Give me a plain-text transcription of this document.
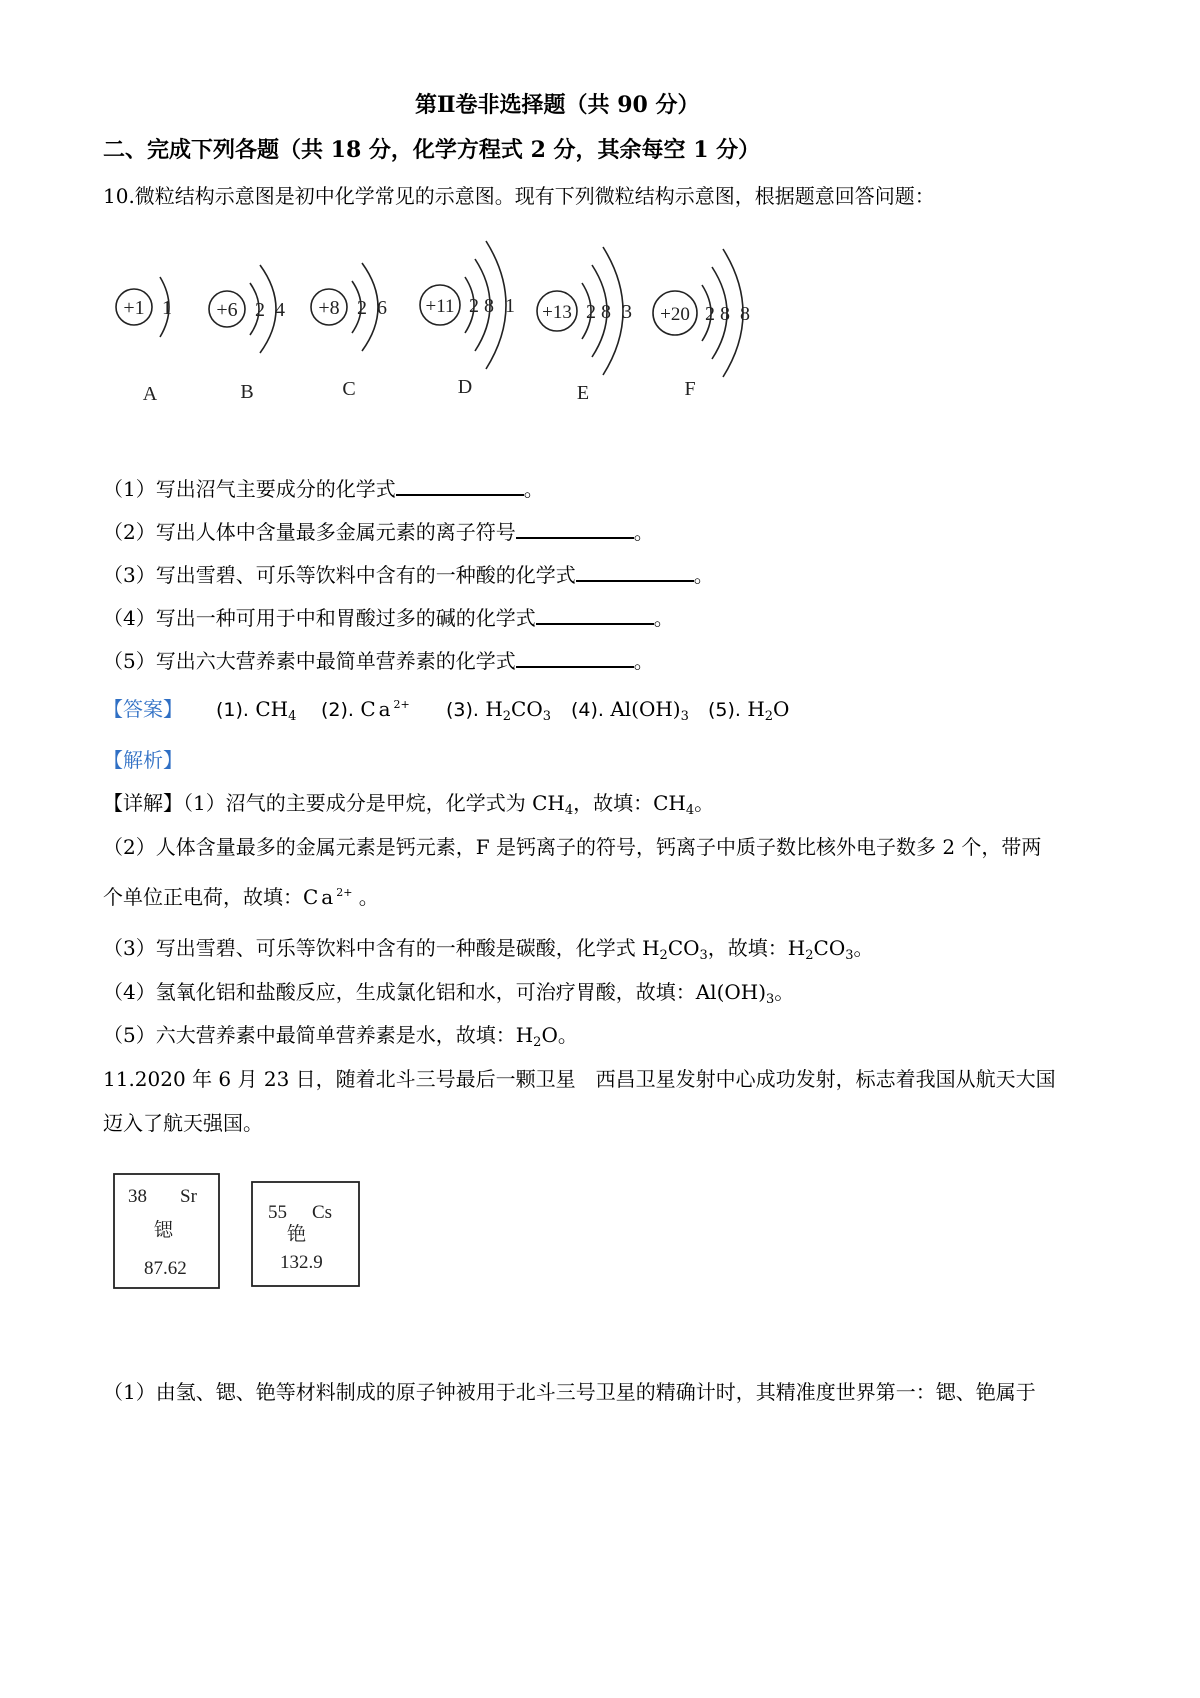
第Ⅱ卷非选择题（共 90 分）
二、完成下列各题（共 18 分，化学方程式 2 分，其余每空 1 分）
10.微粒结构示意图是初中化学常见的示意图。现有下列微粒结构示意图，根据题意回答问题：
+1 1
A
+6 2 4
B
+8 2 6
C
+11 2 8 1
D
+13 2 8 3
E
+20 2 8 8
F
（1）写出沼气主要成分的化学式	。
（2）写出人体中含量最多金属元素的离子符号	。
（3）写出雪碧、可乐等饮料中含有的一种酸的化学式	。
（4）写出一种可用于中和胃酸过多的碱的化学式	。
（5）写出六大营养素中最简单营养素的化学式	。
【答案】 (1). $CH_4$ (2). $Ca^{2+}$ (3). $H_2CO_3$ (4). $Al(OH)_3$ (5). $H_2O$
【解析】
【详解】（1）沼气的主要成分是甲烷，化学式为 $CH_4$，故填：$CH_4$。
（2）人体含量最多的金属元素是钙元素，F 是钙离子的符号，钙离子中质子数比核外电子数多 2 个，带两
个单位正电荷，故填：$Ca^{2+}$ 。
（3）写出雪碧、可乐等饮料中含有的一种酸是碳酸，化学式 $H_2CO_3$，故填：$H_2CO_3$。
（4）氢氧化铝和盐酸反应，生成氯化铝和水，可治疗胃酸，故填：$Al(OH)_3$。
（5）六大营养素中最简单营养素是水，故填：$H_2O$。
11.2020 年 6 月 23 日，随着北斗三号最后一颗卫星　西昌卫星发射中心成功发射，标志着我国从航天大国
迈入了航天强国。
38 Sr
锶
87.62
55 Cs
铯
132.9
（1）由氢、锶、铯等材料制成的原子钟被用于北斗三号卫星的精确计时，其精准度世界第一：锶、铯属于
